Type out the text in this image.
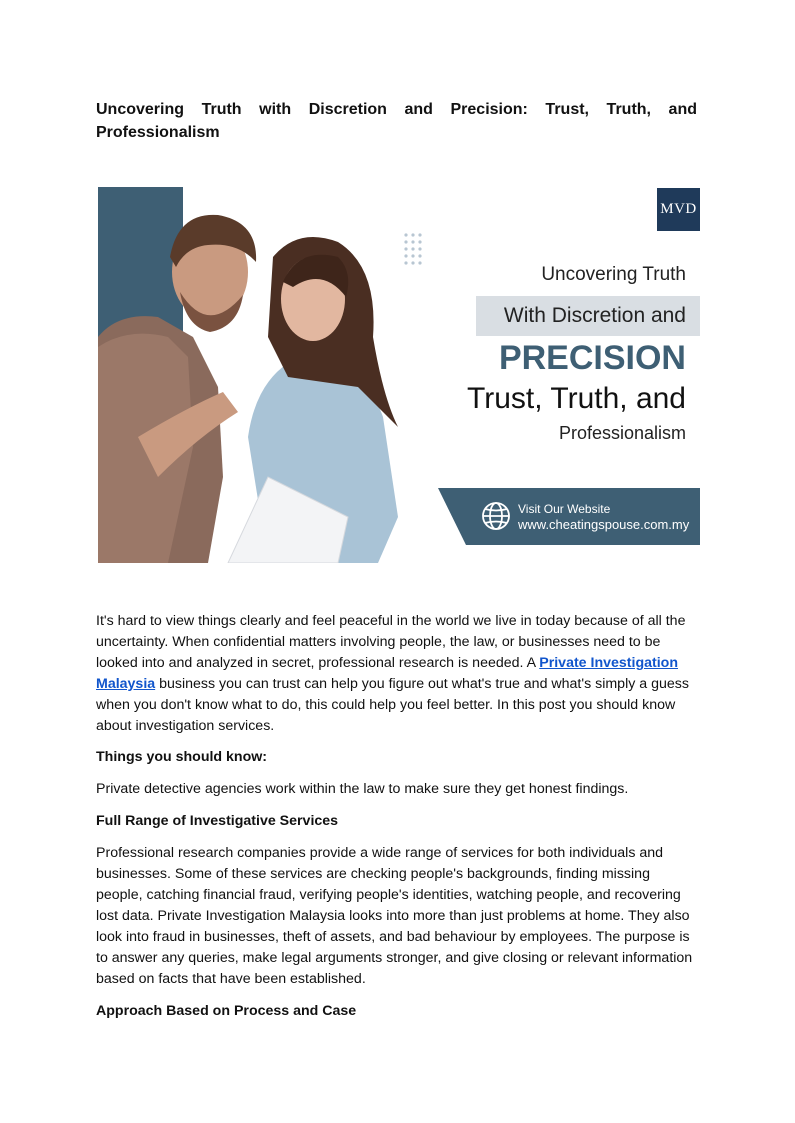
Uncovering Truth with Discretion and Precision: Trust, Truth, and Professionalism
MVD
Uncovering Truth
With Discretion and
PRECISION
Trust, Truth, and
Professionalism
Visit Our Website
www.cheatingspouse.com.my

It's hard to view things clearly and feel peaceful in the world we live in today because of all the uncertainty. When confidential matters involving people, the law, or businesses need to be looked into and analyzed in secret, professional research is needed. A Private Investigation Malaysia business you can trust can help you figure out what's true and what's simply a guess when you don't know what to do, this could help you feel better. In this post you should know about investigation services.

Things you should know:

Private detective agencies work within the law to make sure they get honest findings.

Full Range of Investigative Services

Professional research companies provide a wide range of services for both individuals and businesses. Some of these services are checking people's backgrounds, finding missing people, catching financial fraud, verifying people's identities, watching people, and recovering lost data. Private Investigation Malaysia looks into more than just problems at home. They also look into fraud in businesses, theft of assets, and bad behaviour by employees. The purpose is to answer any queries, make legal arguments stronger, and give closing or relevant information based on facts that have been established.

Approach Based on Process and Case
